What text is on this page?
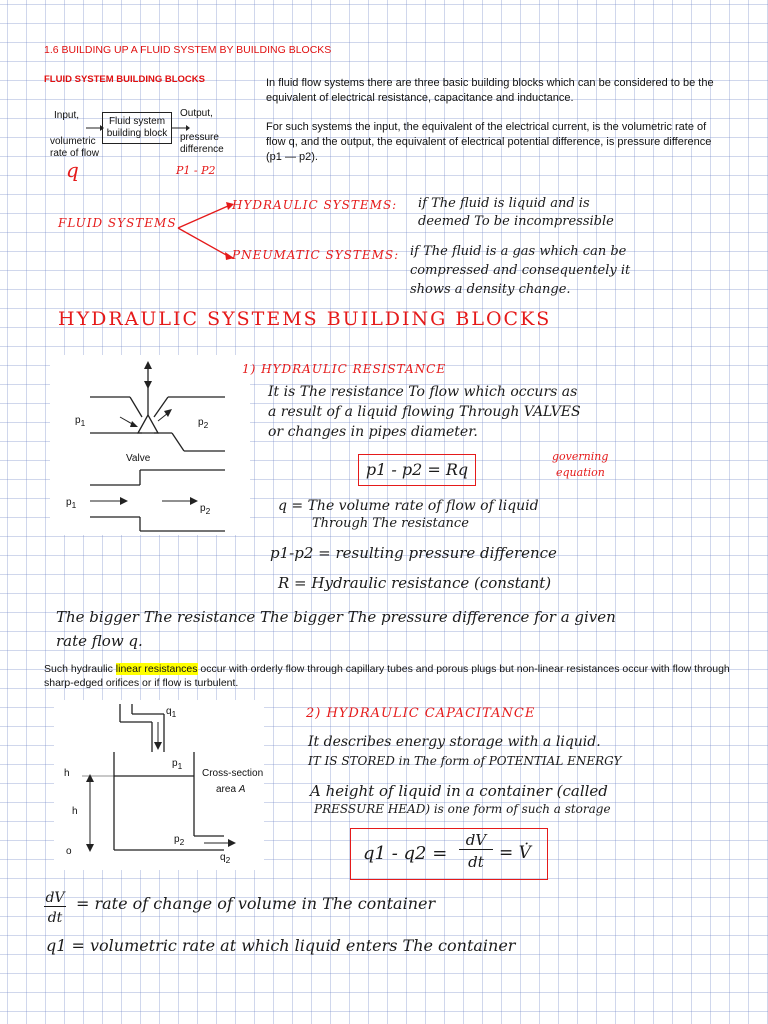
1.6 BUILDING UP A FLUID SYSTEM BY BUILDING BLOCKS
FLUID SYSTEM BUILDING BLOCKS
Input,
volumetric rate of flow
Fluid system building block
Output,
pressure difference
q	P1 - P2
In fluid flow systems there are three basic building blocks which can be considered to be the equivalent of electrical resistance, capacitance and inductance.
For such systems the input, the equivalent of the electrical current, is the volumetric rate of flow q, and the output, the equivalent of electrical potential difference, is pressure difference (p1 — p2).
FLUID SYSTEMS
HYDRAULIC SYSTEMS: if The fluid is liquid and is
deemed To be incompressible
PNEUMATIC SYSTEMS: if The fluid is a gas which can be
compressed and consequentely it
shows a density change.
HYDRAULIC SYSTEMS BUILDING BLOCKS
$p_1$	$p_2$
Valve
$p_1$	$p_2$
1) HYDRAULIC RESISTANCE
It is The resistance To flow which occurs as
a result of a liquid flowing Through VALVES
or changes in pipes diameter.
p1 - p2 = Rq
governing
equation
q = The volume rate of flow of liquid
Through The resistance
p1-p2 = resulting pressure difference
R = Hydraulic resistance (constant)
The bigger The resistance The bigger The pressure difference for a given
rate flow q.
Such hydraulic linear resistances occur with orderly flow through capillary tubes and porous plugs but non-linear resistances occur with flow through sharp-edged orifices or if flow is turbulent.
$q_1$
$p_1$
Cross-section
area A
h
h
o
$p_2$
$q_2$
2) HYDRAULIC CAPACITANCE
It describes energy storage with a liquid.
IT IS STORED in The form of POTENTIAL ENERGY
A height of liquid in a container (called
PRESSURE HEAD) is one form of such a storage
q1 - q2 =
dV
dt = V̇
dV
dt
= rate of change of volume in The container
q1 = volumetric rate at which liquid enters The container
